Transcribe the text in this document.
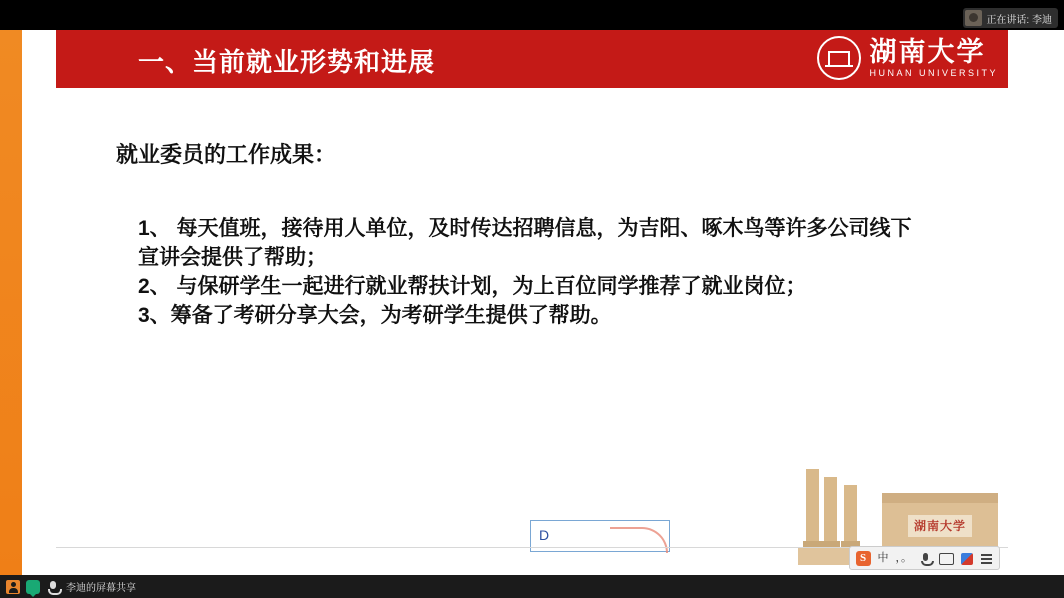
正在讲话: 李迪
一、当前就业形势和进展	湖南大学
HUNAN UNIVERSITY
就业委员的工作成果：
1、 每天值班，接待用人单位，及时传达招聘信息，为吉阳、啄木鸟等许多公司线下宣讲会提供了帮助；
2、 与保研学生一起进行就业帮扶计划，为上百位同学推荐了就业岗位；
3、筹备了考研分享大会，为考研学生提供了帮助。
湖南大学
D
S	中 ，。
李迪的屏幕共享
